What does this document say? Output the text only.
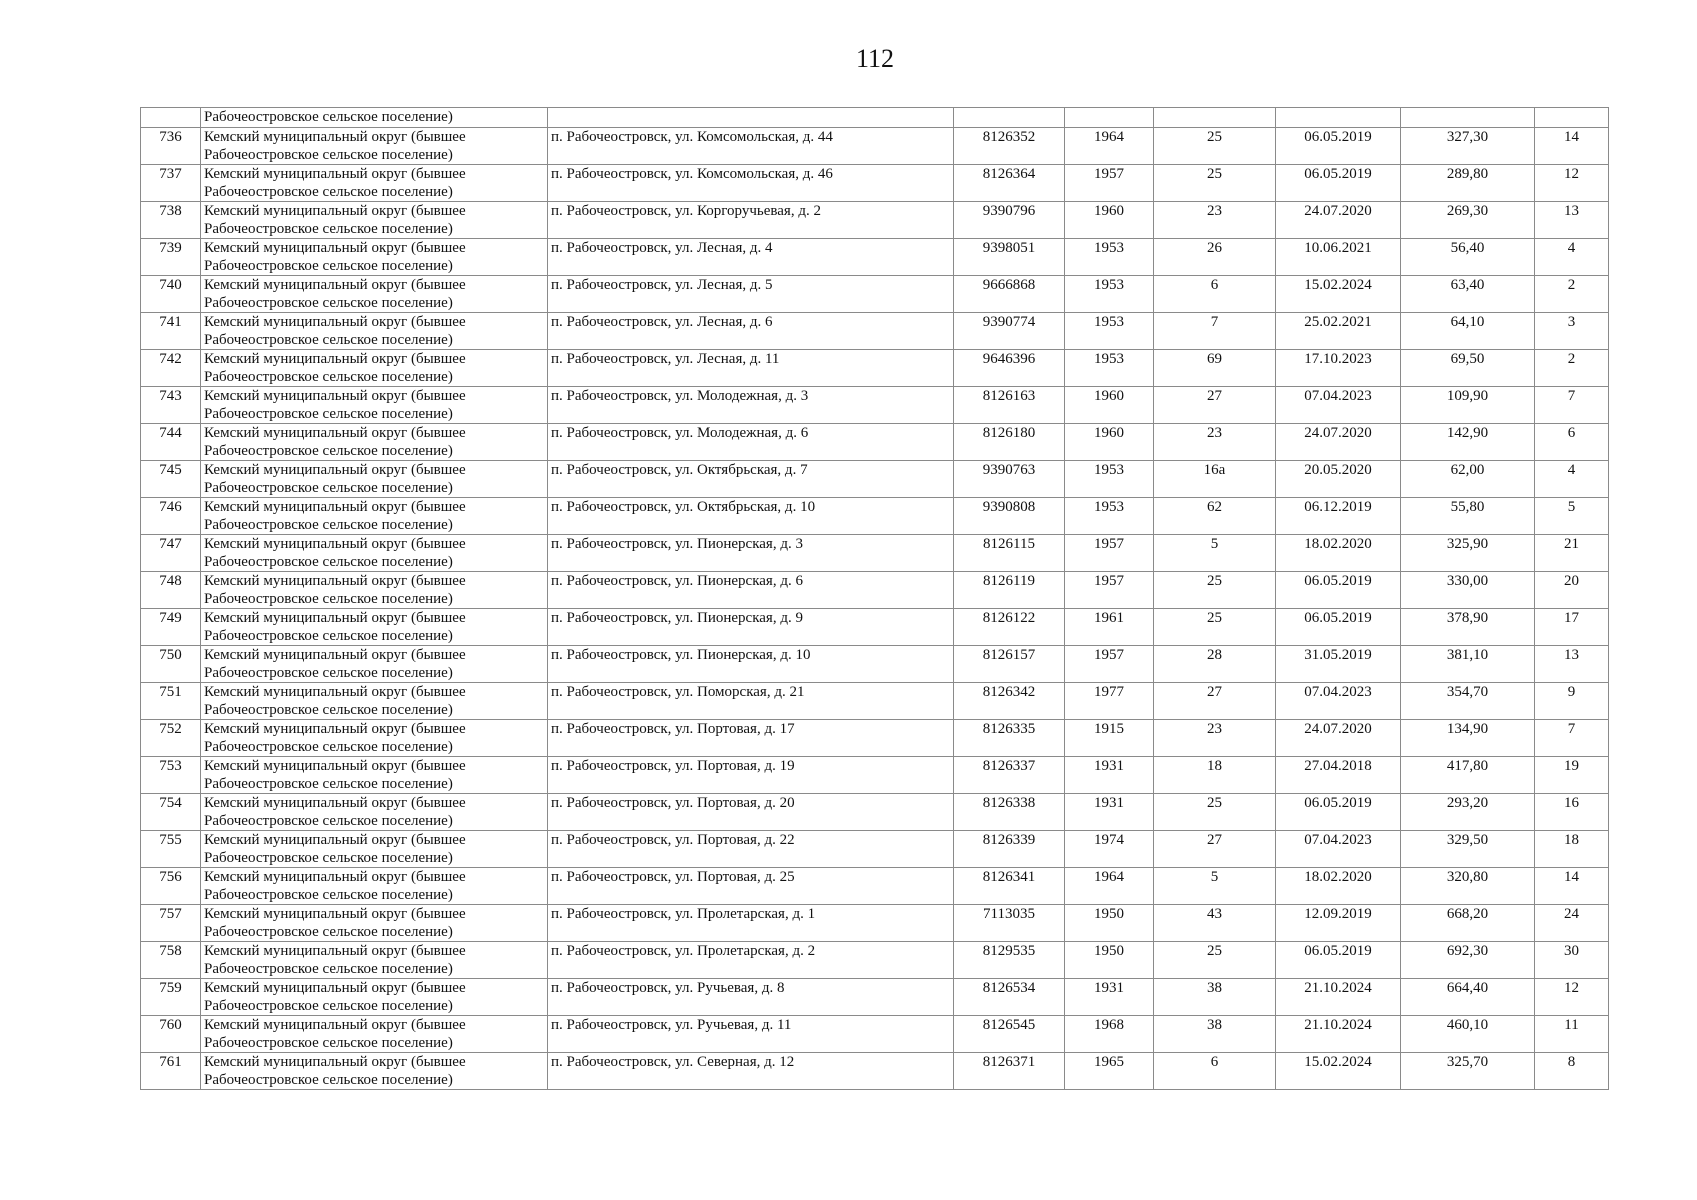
112
	Рабочеостровское сельское поселение)							

736	Кемский муниципальный округ (бывшее
Рабочеостровское сельское поселение)	п. Рабочеостровск, ул. Комсомольская, д. 44	8126352	1964	25	06.05.2019	327,30	14

737	Кемский муниципальный округ (бывшее
Рабочеостровское сельское поселение)	п. Рабочеостровск, ул. Комсомольская, д. 46	8126364	1957	25	06.05.2019	289,80	12

738	Кемский муниципальный округ (бывшее
Рабочеостровское сельское поселение)	п. Рабочеостровск, ул. Коргоручьевая, д. 2	9390796	1960	23	24.07.2020	269,30	13

739	Кемский муниципальный округ (бывшее
Рабочеостровское сельское поселение)	п. Рабочеостровск, ул. Лесная, д. 4	9398051	1953	26	10.06.2021	56,40	4

740	Кемский муниципальный округ (бывшее
Рабочеостровское сельское поселение)	п. Рабочеостровск, ул. Лесная, д. 5	9666868	1953	6	15.02.2024	63,40	2

741	Кемский муниципальный округ (бывшее
Рабочеостровское сельское поселение)	п. Рабочеостровск, ул. Лесная, д. 6	9390774	1953	7	25.02.2021	64,10	3

742	Кемский муниципальный округ (бывшее
Рабочеостровское сельское поселение)	п. Рабочеостровск, ул. Лесная, д. 11	9646396	1953	69	17.10.2023	69,50	2

743	Кемский муниципальный округ (бывшее
Рабочеостровское сельское поселение)	п. Рабочеостровск, ул. Молодежная, д. 3	8126163	1960	27	07.04.2023	109,90	7

744	Кемский муниципальный округ (бывшее
Рабочеостровское сельское поселение)	п. Рабочеостровск, ул. Молодежная, д. 6	8126180	1960	23	24.07.2020	142,90	6

745	Кемский муниципальный округ (бывшее
Рабочеостровское сельское поселение)	п. Рабочеостровск, ул. Октябрьская, д. 7	9390763	1953	16а	20.05.2020	62,00	4

746	Кемский муниципальный округ (бывшее
Рабочеостровское сельское поселение)	п. Рабочеостровск, ул. Октябрьская, д. 10	9390808	1953	62	06.12.2019	55,80	5

747	Кемский муниципальный округ (бывшее
Рабочеостровское сельское поселение)	п. Рабочеостровск, ул. Пионерская, д. 3	8126115	1957	5	18.02.2020	325,90	21

748	Кемский муниципальный округ (бывшее
Рабочеостровское сельское поселение)	п. Рабочеостровск, ул. Пионерская, д. 6	8126119	1957	25	06.05.2019	330,00	20

749	Кемский муниципальный округ (бывшее
Рабочеостровское сельское поселение)	п. Рабочеостровск, ул. Пионерская, д. 9	8126122	1961	25	06.05.2019	378,90	17

750	Кемский муниципальный округ (бывшее
Рабочеостровское сельское поселение)	п. Рабочеостровск, ул. Пионерская, д. 10	8126157	1957	28	31.05.2019	381,10	13

751	Кемский муниципальный округ (бывшее
Рабочеостровское сельское поселение)	п. Рабочеостровск, ул. Поморская, д. 21	8126342	1977	27	07.04.2023	354,70	9

752	Кемский муниципальный округ (бывшее
Рабочеостровское сельское поселение)	п. Рабочеостровск, ул. Портовая, д. 17	8126335	1915	23	24.07.2020	134,90	7

753	Кемский муниципальный округ (бывшее
Рабочеостровское сельское поселение)	п. Рабочеостровск, ул. Портовая, д. 19	8126337	1931	18	27.04.2018	417,80	19

754	Кемский муниципальный округ (бывшее
Рабочеостровское сельское поселение)	п. Рабочеостровск, ул. Портовая, д. 20	8126338	1931	25	06.05.2019	293,20	16

755	Кемский муниципальный округ (бывшее
Рабочеостровское сельское поселение)	п. Рабочеостровск, ул. Портовая, д. 22	8126339	1974	27	07.04.2023	329,50	18

756	Кемский муниципальный округ (бывшее
Рабочеостровское сельское поселение)	п. Рабочеостровск, ул. Портовая, д. 25	8126341	1964	5	18.02.2020	320,80	14

757	Кемский муниципальный округ (бывшее
Рабочеостровское сельское поселение)	п. Рабочеостровск, ул. Пролетарская, д. 1	7113035	1950	43	12.09.2019	668,20	24

758	Кемский муниципальный округ (бывшее
Рабочеостровское сельское поселение)	п. Рабочеостровск, ул. Пролетарская, д. 2	8129535	1950	25	06.05.2019	692,30	30

759	Кемский муниципальный округ (бывшее
Рабочеостровское сельское поселение)	п. Рабочеостровск, ул. Ручьевая, д. 8	8126534	1931	38	21.10.2024	664,40	12

760	Кемский муниципальный округ (бывшее
Рабочеостровское сельское поселение)	п. Рабочеостровск, ул. Ручьевая, д. 11	8126545	1968	38	21.10.2024	460,10	11

761	Кемский муниципальный округ (бывшее
Рабочеостровское сельское поселение)	п. Рабочеостровск, ул. Северная, д. 12	8126371	1965	6	15.02.2024	325,70	8
